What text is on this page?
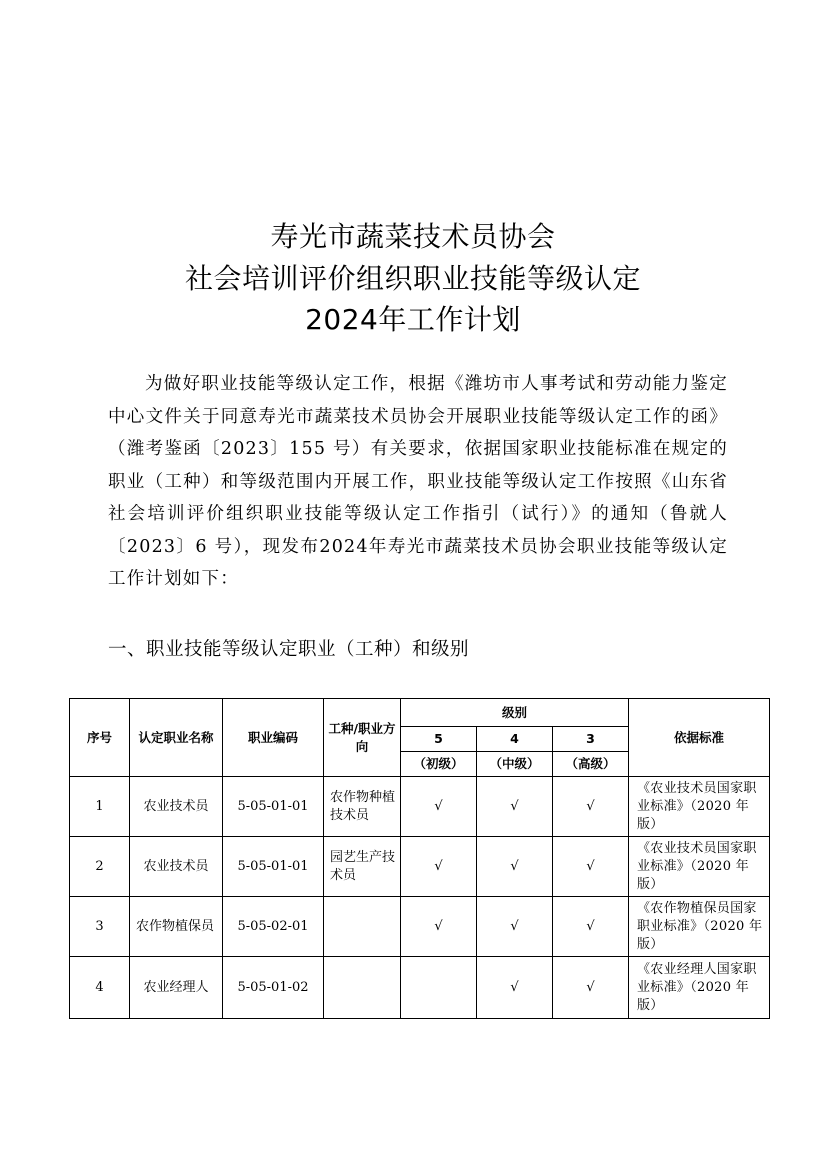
寿光市蔬菜技术员协会
社会培训评价组织职业技能等级认定
2024年工作计划

为做好职业技能等级认定工作，根据《潍坊市人事考试和劳动能力鉴定中心文件关于同意寿光市蔬菜技术员协会开展职业技能等级认定工作的函》（潍考鉴函〔2023〕155 号）有关要求，依据国家职业技能标准在规定的职业（工种）和等级范围内开展工作，职业技能等级认定工作按照《山东省社会培训评价组织职业技能等级认定工作指引（试行）》的通知（鲁就人〔2023〕6 号），现发布2024年寿光市蔬菜技术员协会职业技能等级认定工作计划如下：

一、职业技能等级认定职业（工种）和级别
序号	认定职业名称	职业编码	工种/职业方向	级别			依据标准
				5	4	3	
				（初级）	（中级）	（高级）	
1	农业技术员	5-05-01-01	农作物种植技术员	√	√	√	《农业技术员国家职业标准》（2020 年版）
2	农业技术员	5-05-01-01	园艺生产技术员	√	√	√	《农业技术员国家职业标准》（2020 年版）
3	农作物植保员	5-05-02-01		√	√	√	《农作物植保员国家职业标准》（2020 年版）
4	农业经理人	5-05-01-02			√	√	《农业经理人国家职业标准》（2020 年版）
